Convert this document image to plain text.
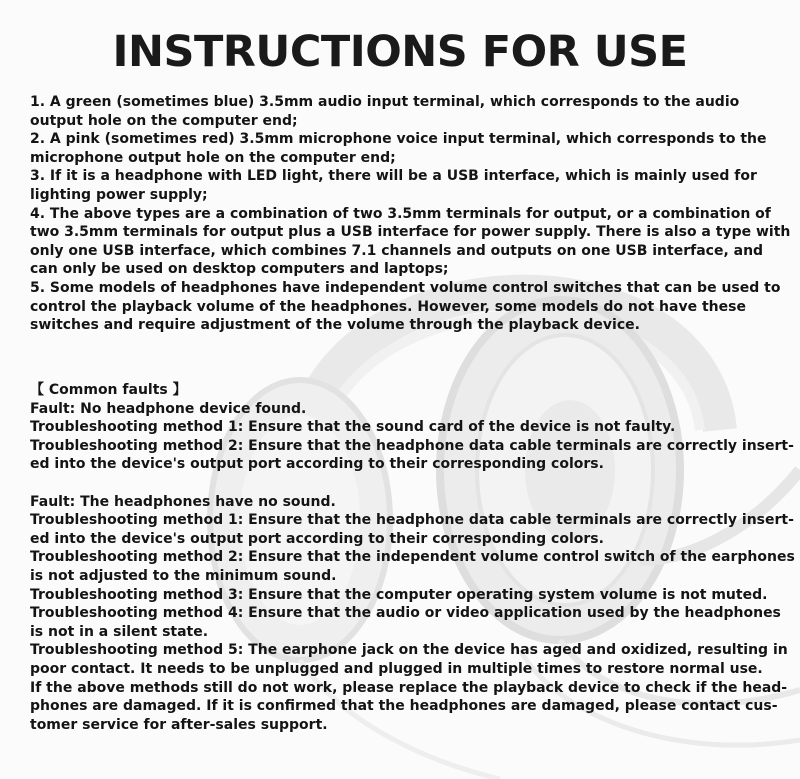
INSTRUCTIONS FOR USE

1. A green (sometimes blue) 3.5mm audio input terminal, which corresponds to the audio output hole on the computer end;

2. A pink (sometimes red) 3.5mm microphone voice input terminal, which corresponds to the microphone output hole on the computer end;

3. If it is a headphone with LED light, there will be a USB interface, which is mainly used for lighting power supply;

4. The above types are a combination of two 3.5mm terminals for output, or a combination of two 3.5mm terminals for output plus a USB interface for power supply. There is also a type with only one USB interface, which combines 7.1 channels and outputs on one USB interface, and can only be used on desktop computers and laptops;

5. Some models of headphones have independent volume control switches that can be used to control the playback volume of the headphones. However, some models do not have these switches and require adjustment of the volume through the playback device.

【 Common faults 】

Fault: No headphone device found.

Troubleshooting method 1: Ensure that the sound card of the device is not faulty.

Troubleshooting method 2: Ensure that the headphone data cable terminals are correctly insert-ed into the device's output port according to their corresponding colors.

Fault: The headphones have no sound.

Troubleshooting method 1: Ensure that the headphone data cable terminals are correctly insert-ed into the device's output port according to their corresponding colors.

Troubleshooting method 2: Ensure that the independent volume control switch of the earphones is not adjusted to the minimum sound.

Troubleshooting method 3: Ensure that the computer operating system volume is not muted.

Troubleshooting method 4: Ensure that the audio or video application used by the headphones is not in a silent state.

Troubleshooting method 5: The earphone jack on the device has aged and oxidized, resulting in poor contact. It needs to be unplugged and plugged in multiple times to restore normal use.

If the above methods still do not work, please replace the playback device to check if the head-phones are damaged. If it is confirmed that the headphones are damaged, please contact cus-tomer service for after-sales support.
